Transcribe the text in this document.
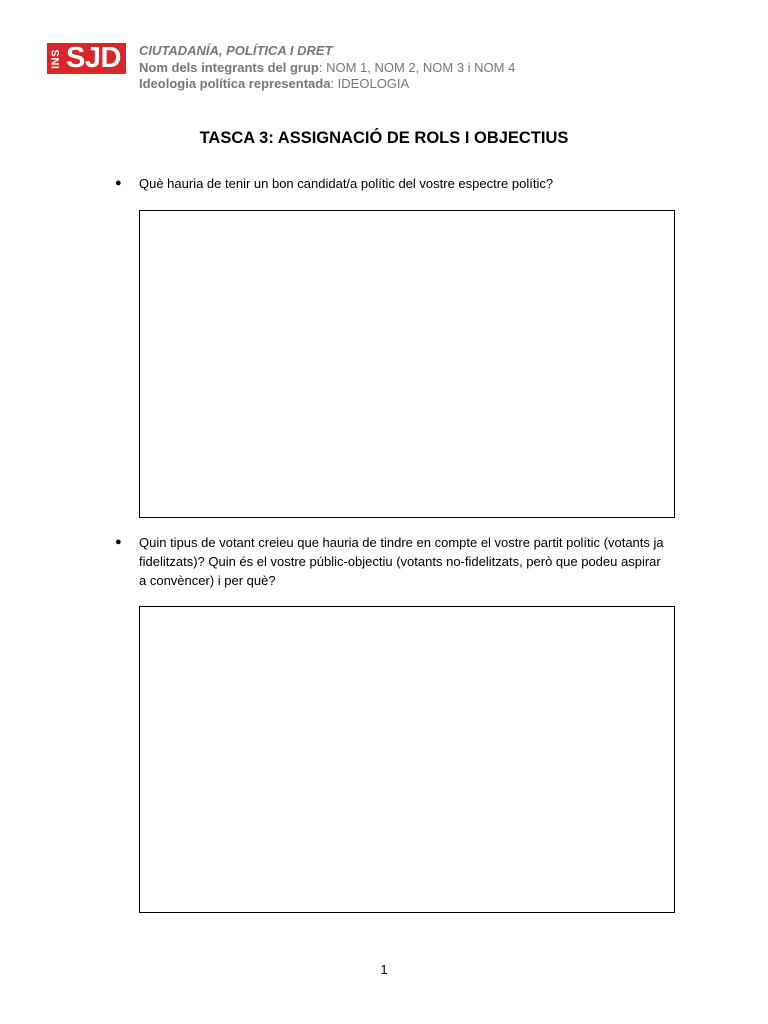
INS SJD CIUTADANÍA, POLÍTICA I DRET
Nom dels integrants del grup: NOM 1, NOM 2, NOM 3 i NOM 4
Ideologia política representada: IDEOLOGIA
TASCA 3: ASSIGNACIÓ DE ROLS I OBJECTIUS
● Què hauria de tenir un bon candidat/a polític del vostre espectre polític?
● Quin tipus de votant creieu que hauria de tindre en compte el vostre partit polític (votants ja fidelitzats)? Quin és el vostre públic-objectiu (votants no-fidelitzats, però que podeu aspirar a convèncer) i per què?
1
